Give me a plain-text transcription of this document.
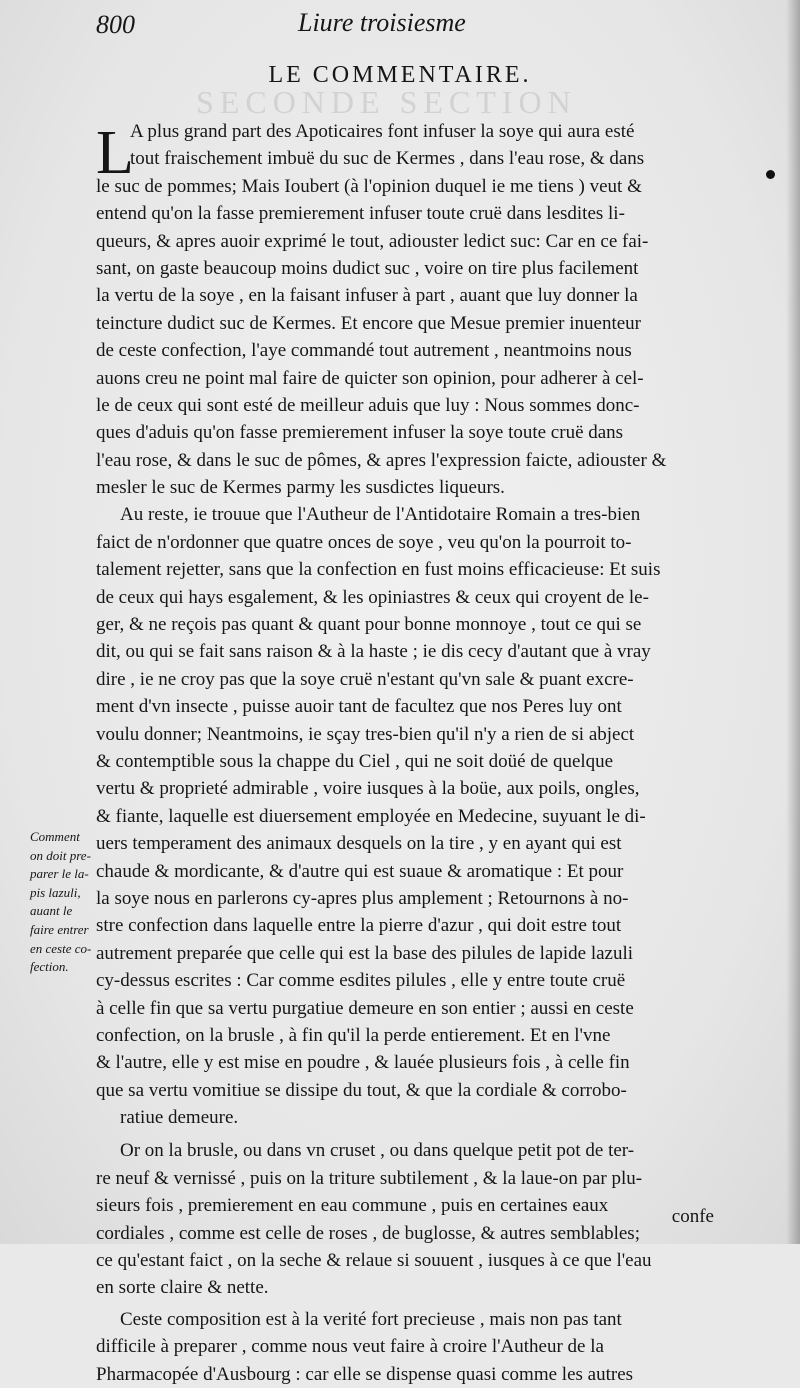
800	Liure troisiesme
SECONDE SECTION
LE COMMENTAIRE.
L
A plus grand part des Apoticaires font infuser la soye qui aura esté
tout fraischement imbuë du suc de Kermes , dans l'eau rose, & dans
le suc de pommes; Mais Ioubert (à l'opinion duquel ie me tiens ) veut &
entend qu'on la fasse premierement infuser toute cruë dans lesdites li-
queurs, & apres auoir exprimé le tout, adiouster ledict suc: Car en ce fai-
sant, on gaste beaucoup moins dudict suc , voire on tire plus facilement
la vertu de la soye , en la faisant infuser à part , auant que luy donner la
teincture dudict suc de Kermes. Et encore que Mesue premier inuenteur
de ceste confection, l'aye commandé tout autrement , neantmoins nous
auons creu ne point mal faire de quicter son opinion, pour adherer à cel-
le de ceux qui sont esté de meilleur aduis que luy : Nous sommes donc-
ques d'aduis qu'on fasse premierement infuser la soye toute cruë dans
l'eau rose, & dans le suc de pômes, & apres l'expression faicte, adiouster &
mesler le suc de Kermes parmy les susdictes liqueurs.
Au reste, ie trouue que l'Autheur de l'Antidotaire Romain a tres-bien
faict de n'ordonner que quatre onces de soye , veu qu'on la pourroit to-
talement rejetter, sans que la confection en fust moins efficacieuse: Et suis
de ceux qui hays esgalement, & les opiniastres & ceux qui croyent de le-
ger, & ne reçois pas quant & quant pour bonne monnoye , tout ce qui se
dit, ou qui se fait sans raison & à la haste ; ie dis cecy d'autant que à vray
dire , ie ne croy pas que la soye cruë n'estant qu'vn sale & puant excre-
ment d'vn insecte , puisse auoir tant de facultez que nos Peres luy ont
voulu donner; Neantmoins, ie sçay tres-bien qu'il n'y a rien de si abject
& contemptible sous la chappe du Ciel , qui ne soit doüé de quelque
vertu & proprieté admirable , voire iusques à la boüe, aux poils, ongles,
& fiante, laquelle est diuersement employée en Medecine, suyuant le di-
uers temperament des animaux desquels on la tire , y en ayant qui est
chaude & mordicante, & d'autre qui est suaue & aromatique : Et pour
la soye nous en parlerons cy-apres plus amplement ; Retournons à no-
stre confection dans laquelle entre la pierre d'azur , qui doit estre tout
autrement preparée que celle qui est la base des pilules de lapide lazuli
cy-dessus escrites : Car comme esdites pilules , elle y entre toute cruë
à celle fin que sa vertu purgatiue demeure en son entier ; aussi en ceste
confection, on la brusle , à fin qu'il la perde entierement. Et en l'vne
& l'autre, elle y est mise en poudre , & lauée plusieurs fois , à celle fin
que sa vertu vomitiue se dissipe du tout, & que la cordiale & corrobo-
ratiue demeure.
Or on la brusle, ou dans vn cruset , ou dans quelque petit pot de ter-
re neuf & vernissé , puis on la triture subtilement , & la laue-on par plu-
sieurs fois , premierement en eau commune , puis en certaines eaux
cordiales , comme est celle de roses , de buglosse, & autres semblables;
ce qu'estant faict , on la seche & relaue si souuent , iusques à ce que l'eau
en sorte claire & nette.
Ceste composition est à la verité fort precieuse , mais non pas tant
difficile à preparer , comme nous veut faire à croire l'Autheur de la
Pharmacopée d'Ausbourg : car elle se dispense quasi comme les autres
Comment
on doit pre-
parer le la-
pis lazuli,
auant le
faire entrer
en ceste co-
fection.
confe
